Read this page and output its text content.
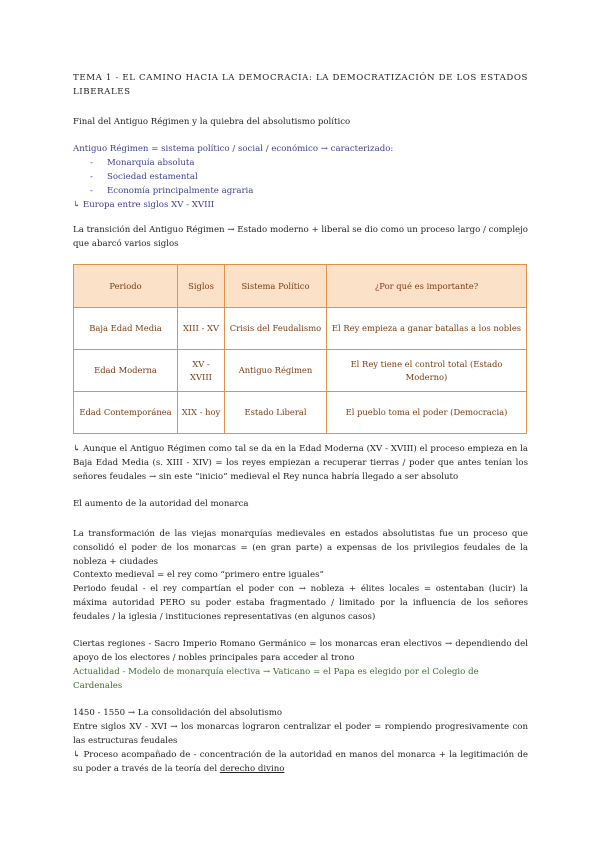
TEMA 1 - EL CAMINO HACIA LA DEMOCRACIA: LA DEMOCRATIZACIÓN DE LOS ESTADOS LIBERALES
Final del Antiguo Régimen y la quiebra del absolutismo político
Antiguo Régimen = sistema político / social / económico → caracterizado:
- Monarquía absoluta
- Sociedad estamental
- Economía principalmente agraria
↳ Europa entre siglos XV - XVIII
La transición del Antiguo Régimen → Estado moderno + liberal se dio como un proceso largo / complejo que abarcó varios siglos
Periodo	Siglos	Sistema Político	¿Por qué es importante?
Baja Edad Media	XIII - XV	Crisis del Feudalismo	El Rey empieza a ganar batallas a los nobles
Edad Moderna	XV - XVIII	Antiguo Régimen	El Rey tiene el control total (Estado Moderno)
Edad Contemporánea	XIX - hoy	Estado Liberal	El pueblo toma el poder (Democracia)
↳ Aunque el Antiguo Régimen como tal se da en la Edad Moderna (XV - XVIII) el proceso empieza en la Baja Edad Media (s. XIII - XIV) = los reyes empiezan a recuperar tierras / poder que antes tenían los señores feudales → sin este “inicio” medieval el Rey nunca habría llegado a ser absoluto
El aumento de la autoridad del monarca
La transformación de las viejas monarquías medievales en estados absolutistas fue un proceso que consolidó el poder de los monarcas = (en gran parte) a expensas de los privilegios feudales de la nobleza + ciudades
Contexto medieval = el rey como “primero entre iguales”
Periodo feudal - el rey compartían el poder con → nobleza + élites locales = ostentaban (lucir) la máxima autoridad PERO su poder estaba fragmentado / limitado por la influencia de los señores feudales / la iglesia / instituciones representativas (en algunos casos)
Ciertas regiones - Sacro Imperio Romano Germánico = los monarcas eran electivos → dependiendo del apoyo de los electores / nobles principales para acceder al trono
Actualidad - Modelo de monarquía electiva → Vaticano = el Papa es elegido por el Colegio de Cardenales
1450 - 1550 → La consolidación del absolutismo
Entre siglos XV - XVI → los monarcas lograron centralizar el poder = rompiendo progresivamente con las estructuras feudales
↳ Proceso acompañado de - concentración de la autoridad en manos del monarca + la legitimación de su poder a través de la teoría del derecho divino
